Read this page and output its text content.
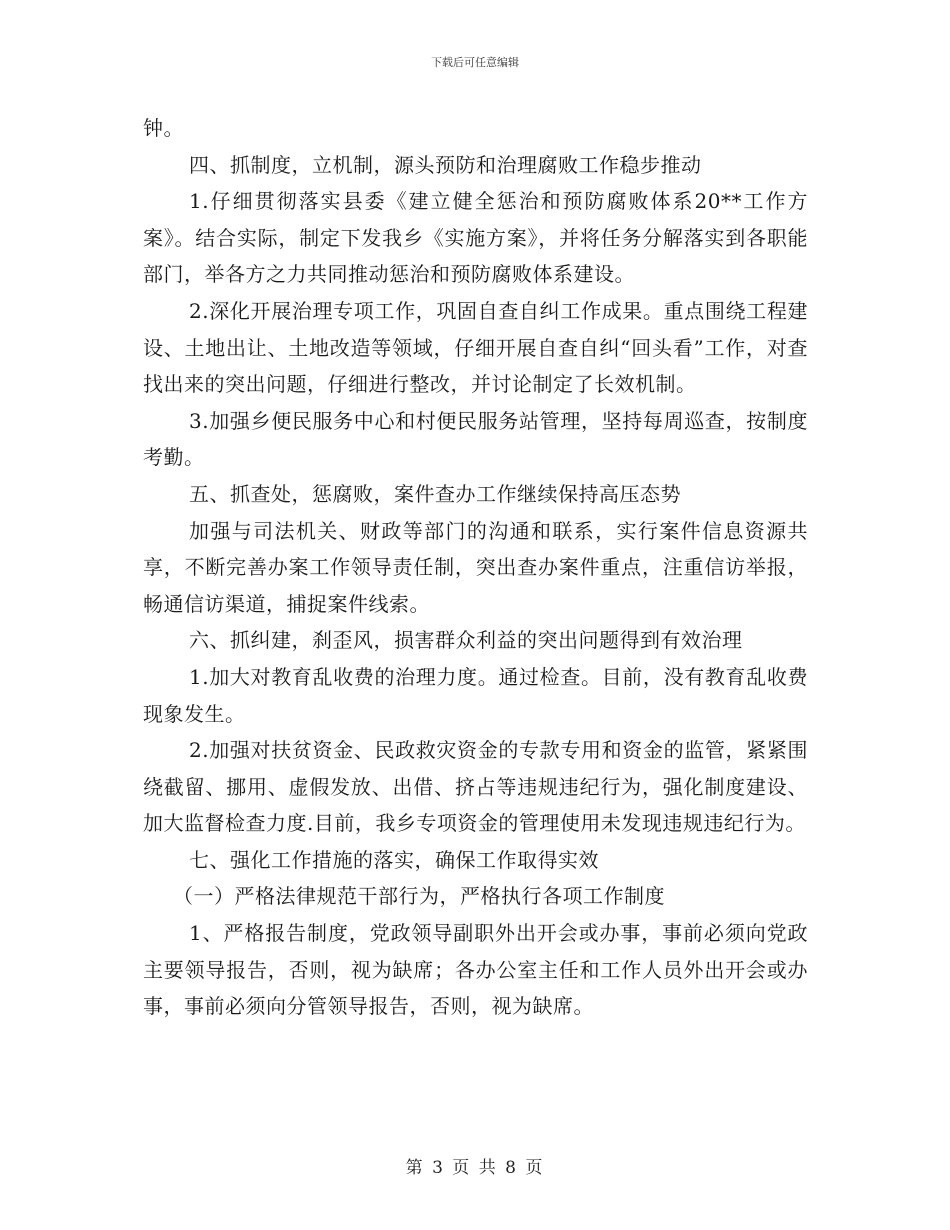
下载后可任意编辑

钟。

四、抓制度，立机制，源头预防和治理腐败工作稳步推动

1.仔细贯彻落实县委《建立健全惩治和预防腐败体系20**工作方案》。结合实际，制定下发我乡《实施方案》，并将任务分解落实到各职能部门，举各方之力共同推动惩治和预防腐败体系建设。

2.深化开展治理专项工作，巩固自查自纠工作成果。重点围绕工程建设、土地出让、土地改造等领域，仔细开展自查自纠“回头看”工作，对查找出来的突出问题，仔细进行整改，并讨论制定了长效机制。

3.加强乡便民服务中心和村便民服务站管理，坚持每周巡查，按制度考勤。

五、抓查处，惩腐败，案件查办工作继续保持高压态势

加强与司法机关、财政等部门的沟通和联系，实行案件信息资源共享，不断完善办案工作领导责任制，突出查办案件重点，注重信访举报，畅通信访渠道，捕捉案件线索。

六、抓纠建，刹歪风，损害群众利益的突出问题得到有效治理

1.加大对教育乱收费的治理力度。通过检查。目前，没有教育乱收费现象发生。

2.加强对扶贫资金、民政救灾资金的专款专用和资金的监管，紧紧围绕截留、挪用、虚假发放、出借、挤占等违规违纪行为，强化制度建设、加大监督检查力度.目前，我乡专项资金的管理使用未发现违规违纪行为。

七、强化工作措施的落实，确保工作取得实效

（一）严格法律规范干部行为，严格执行各项工作制度

1、严格报告制度，党政领导副职外出开会或办事，事前必须向党政主要领导报告，否则，视为缺席；各办公室主任和工作人员外出开会或办事，事前必须向分管领导报告，否则，视为缺席。

第 3 页 共 8 页
